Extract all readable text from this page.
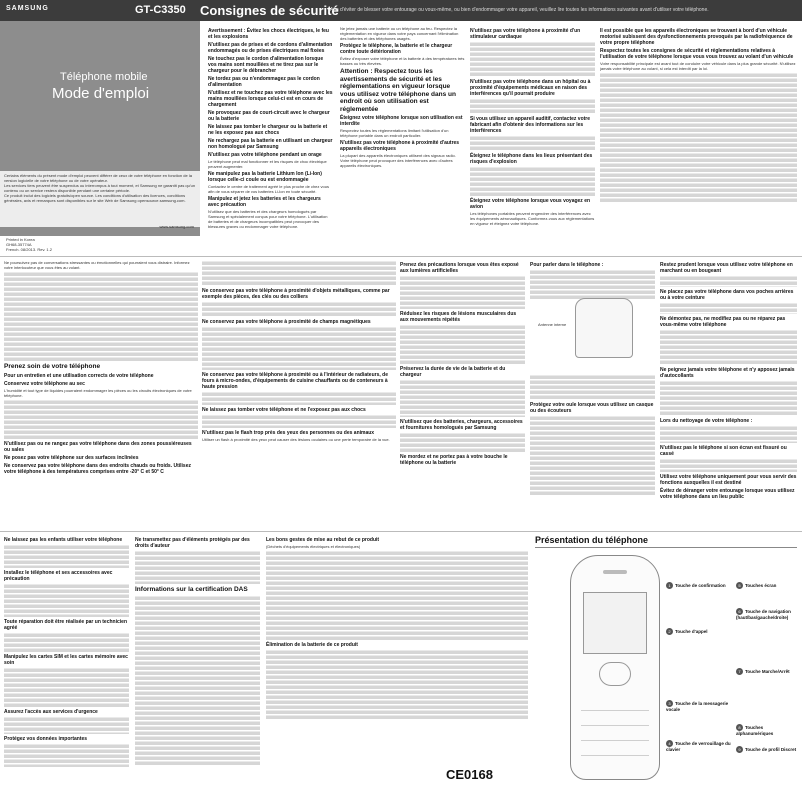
SAMSUNG	GT-C3350 Consignes de sécurité
Afin d'éviter de blesser votre entourage ou vous-même, ou bien d'endommager votre appareil, veuillez lire toutes les informations suivantes avant d'utiliser votre téléphone.
Téléphone mobile
Mode d'emploi

Certains éléments du présent mode d'emploi peuvent différer de ceux de votre téléphone en fonction de la version logicielle de votre téléphone ou de votre opérateur.

Les services tiers peuvent être suspendus ou interrompus à tout moment, et Samsung ne garantit pas qu'un contenu ou un service restera disponible pendant une certaine période.

Ce produit inclut des logiciels gratuits/open source. Les conditions d'utilisation des licences, conditions générales, avis et remarques sont disponibles sur le site Web de Samsung opensource.samsung.com.

www.samsung.com
Printed in Korea
GH68-35774A
French. 08/2013. Rev. 1.2
Avertissement : Évitez les chocs électriques, le feu et les explosions
N'utilisez pas de prises et de cordons d'alimentation endommagés ou de prises électriques mal fixées
Ne touchez pas le cordon d'alimentation lorsque vos mains sont mouillées et ne tirez pas sur le chargeur pour le débrancher
Ne tordez pas ou n'endommagez pas le cordon d'alimentation
N'utilisez et ne touchez pas votre téléphone avec les mains mouillées lorsque celui-ci est en cours de chargement
Ne provoquez pas de court-circuit avec le chargeur ou la batterie
Ne laissez pas tomber le chargeur ou la batterie et ne les exposez pas aux chocs
Ne rechargez pas la batterie en utilisant un chargeur non homologué par Samsung
N'utilisez pas votre téléphone pendant un orage

Le téléphone peut mal fonctionner et les risques de choc électrique peuvent augmenter.

Ne manipulez pas la batterie Lithium Ion (Li-Ion) lorsque celle-ci coule ou est endommagée

Contactez le centre de traitement agréé le plus proche de chez vous afin de vous séparer de vos batteries Li-Ion en toute sécurité.

Manipulez et jetez les batteries et les chargeurs avec précaution

N'utilisez que des batteries et des chargeurs homologués par Samsung et spécialement conçus pour votre téléphone. L'utilisation de batteries et de chargeurs incompatibles peut provoquer des blessures graves ou endommager votre téléphone.

Ne jetez jamais une batterie ou un téléphone au feu. Respectez la réglementation en vigueur dans votre pays concernant l'élimination des batteries et des téléphones usagés.

Protégez le téléphone, la batterie et le chargeur contre toute détérioration

Évitez d'exposer votre téléphone et la batterie à des températures très basses ou très élevées.

Attention : Respectez tous les avertissements de sécurité et les réglementations en vigueur lorsque vous utilisez votre téléphone dans un endroit où son utilisation est réglementée
Éteignez votre téléphone lorsque son utilisation est interdite

Respectez toutes les réglementations limitant l'utilisation d'un téléphone portable dans un endroit particulier.

N'utilisez pas votre téléphone à proximité d'autres appareils électroniques

La plupart des appareils électroniques utilisent des signaux radio. Votre téléphone peut provoquer des interférences avec d'autres appareils électroniques.

N'utilisez pas votre téléphone à proximité d'un stimulateur cardiaque
N'utilisez pas votre téléphone dans un hôpital ou à proximité d'équipements médicaux en raison des interférences qu'il pourrait produire
Si vous utilisez un appareil auditif, contactez votre fabricant afin d'obtenir des informations sur les interférences
Éteignez le téléphone dans les lieux présentant des risques d'explosion
Éteignez votre téléphone lorsque vous voyagez en avion

Les téléphones portables peuvent engendrer des interférences avec les équipements aéronautiques. Conformez-vous aux réglementations en vigueur et éteignez votre téléphone.

Il est possible que les appareils électroniques se trouvant à bord d'un véhicule motorisé subissent des dysfonctionnements provoqués par la radiofréquence de votre propre téléphone
Respectez toutes les consignes de sécurité et réglementations relatives à l'utilisation de votre téléphone lorsque vous vous trouvez au volant d'un véhicule

Votre responsabilité principale est avant tout de conduire votre véhicule dans la plus grande sécurité. N'utilisez jamais votre téléphone au volant, si cela est interdit par la loi.

Ne poursuivez pas de conversations stressantes ou émotionnelles qui pourraient vous distraire. Informez votre interlocuteur que vous êtes au volant.

Prenez soin de votre téléphone
Pour un entretien et une utilisation corrects de votre téléphone
Conservez votre téléphone au sec

L'humidité et tout type de liquides pourraient endommager les pièces ou les circuits électroniques de votre téléphone.

N'utilisez pas ou ne rangez pas votre téléphone dans des zones poussiéreuses ou sales
Ne posez pas votre téléphone sur des surfaces inclinées
Ne conservez pas votre téléphone dans des endroits chauds ou froids. Utilisez votre téléphone à des températures comprises entre -20° C et 50° C
Ne conservez pas votre téléphone à proximité d'objets métalliques, comme par exemple des pièces, des clés ou des colliers
Ne conservez pas votre téléphone à proximité de champs magnétiques
Ne conservez pas votre téléphone à proximité ou à l'intérieur de radiateurs, de fours à micro-ondes, d'équipements de cuisine chauffants ou de conteneurs à haute pression
Ne laissez pas tomber votre téléphone et ne l'exposez pas aux chocs
N'utilisez pas le flash trop près des yeux des personnes ou des animaux

Utiliser un flash à proximité des yeux peut causer des lésions oculaires ou une perte temporaire de la vue.

Prenez des précautions lorsque vous êtes exposé aux lumières artificielles
Réduisez les risques de lésions musculaires dus aux mouvements répétés
Préservez la durée de vie de la batterie et du chargeur
N'utilisez que des batteries, chargeurs, accessoires et fournitures homologués par Samsung
Ne mordez et ne portez pas à votre bouche le téléphone ou la batterie
Pour parler dans le téléphone :
Protégez votre ouïe lorsque vous utilisez un casque ou des écouteurs
Antenne interne
Restez prudent lorsque vous utilisez votre téléphone en marchant ou en bougeant
Ne placez pas votre téléphone dans vos poches arrières ou à votre ceinture
Ne démontez pas, ne modifiez pas ou ne réparez pas vous-même votre téléphone
Ne peignez jamais votre téléphone et n'y apposez jamais d'autocollants
Lors du nettoyage de votre téléphone :
N'utilisez pas le téléphone si son écran est fissuré ou cassé
Utilisez votre téléphone uniquement pour vous servir des fonctions auxquelles il est destiné
Évitez de déranger votre entourage lorsque vous utilisez votre téléphone dans un lieu public
Ne laissez pas les enfants utiliser votre téléphone
Installez le téléphone et ses accessoires avec précaution
Toute réparation doit être réalisée par un technicien agréé
Manipulez les cartes SIM et les cartes mémoire avec soin
Assurez l'accès aux services d'urgence
Protégez vos données importantes
Ne transmettez pas d'éléments protégés par des droits d'auteur
Informations sur la certification DAS
Les bons gestes de mise au rebut de ce produit

(Déchets d'équipements électriques et électroniques)

Élimination de la batterie de ce produit
CE0168
Présentation du téléphone
1 Touche de confirmation
2 Touche d'appel
3 Touche de la messagerie vocale
4 Touche de verrouillage du clavier
5 Touches écran
6 Touche de navigation (haut/bas/gauche/droite)
7 Touche Marche/Arrêt
8 Touches alphanumériques
9 Touche de profil Discret
